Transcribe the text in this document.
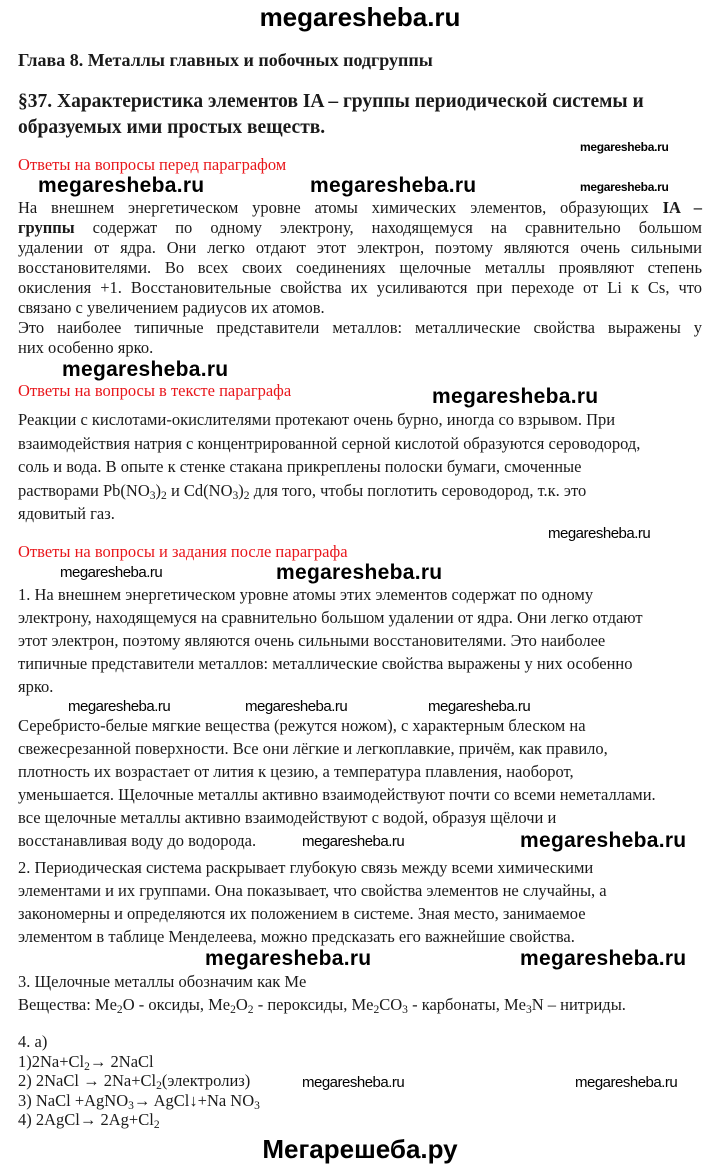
megaresheba.ru
Глава 8. Металлы главных и побочных подгруппы
§37. Характеристика элементов IA – группы периодической системы и
образуемых ими простых веществ.
megaresheba.ru
Ответы на вопросы перед параграфом
megaresheba.ru	megaresheba.ru	megaresheba.ru
На внешнем энергетическом уровне атомы химических элементов, образующих IA –
группы содержат по одному электрону, находящемуся на сравнительно большом
удалении от ядра. Они легко отдают этот электрон, поэтому являются очень сильными
восстановителями. Во всех своих соединениях щелочные металлы проявляют степень
окисления +1. Восстановительные свойства их усиливаются при переходе от Li к Cs, что
связано с увеличением радиусов их атомов.
Это наиболее типичные представители металлов: металлические свойства выражены у
них особенно ярко.
megaresheba.ru
Ответы на вопросы в тексте параграфа	megaresheba.ru
Реакции с кислотами-окислителями протекают очень бурно, иногда со взрывом. При
взаимодействия натрия с концентрированной серной кислотой образуются сероводород,
соль и вода. В опыте к стенке стакана прикреплены полоски бумаги, смоченные
растворами $Pb(NO_3)_2$ и $Cd(NO_3)_2$ для того, чтобы поглотить сероводород, т.к. это
ядовитый газ.
megaresheba.ru
Ответы на вопросы и задания после параграфа
megaresheba.ru	megaresheba.ru
1. На внешнем энергетическом уровне атомы этих элементов содержат по одному
электрону, находящемуся на сравнительно большом удалении от ядра. Они легко отдают
этот электрон, поэтому являются очень сильными восстановителями. Это наиболее
типичные представители металлов: металлические свойства выражены у них особенно
ярко.
megaresheba.ru	megaresheba.ru	megaresheba.ru
Серебристо-белые мягкие вещества (режутся ножом), с характерным блеском на
свежесрезанной поверхности. Все они лёгкие и легкоплавкие, причём, как правило,
плотность их возрастает от лития к цезию, а температура плавления, наоборот,
уменьшается. Щелочные металлы активно взаимодействуют почти со всеми неметаллами.
все щелочные металлы активно взаимодействуют с водой, образуя щёлочи и
восстанавливая воду до водорода.	megaresheba.ru	megaresheba.ru
2. Периодическая система раскрывает глубокую связь между всеми химическими
элементами и их группами. Она показывает, что свойства элементов не случайны, а
закономерны и определяются их положением в системе. Зная место, занимаемое
элементом в таблице Менделеева, можно предсказать его важнейшие свойства.
megaresheba.ru	megaresheba.ru
3. Щелочные металлы обозначим как Me
Вещества: $Me_2O$ - оксиды, $Me_2O_2$ - пероксиды, $Me_2CO_3$ - карбонаты, $Me_3N$ – нитриды.
4. а)
$1)2Na+Cl_2\to$ 2NaCl
2) 2NaCl → $2Na+Cl_2(электролиз)$
3) NaCl +AgNO$_3$→ AgCl↓+Na $NO_3$
4) 2AgCl→ $2Ag+Cl_2$
megaresheba.ru	megaresheba.ru
Мегарешеба.ру
